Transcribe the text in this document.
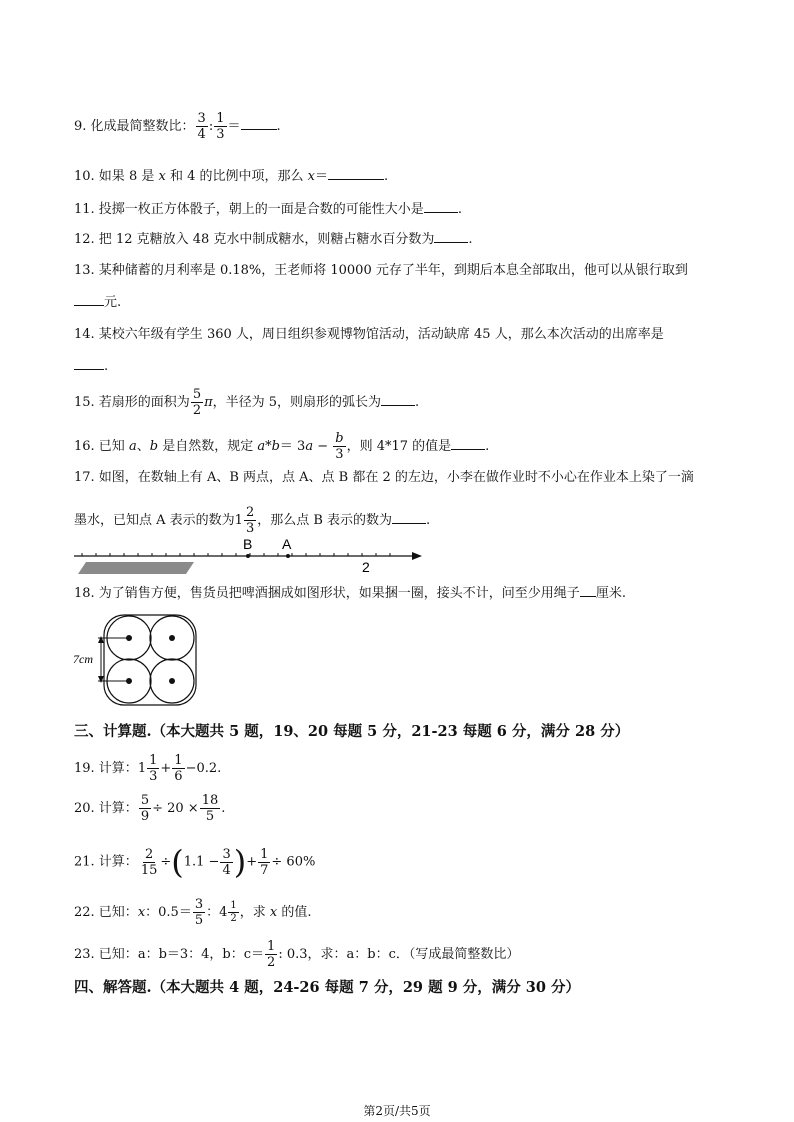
9. 化成最简整数比： $\frac{3}{4}$ : $\frac{1}{3}$ ＝	.
10. 如果 8 是 x 和 4 的比例中项，那么 x＝	.
11. 投掷一枚正方体骰子，朝上的一面是合数的可能性大小是	.
12. 把 12 克糖放入 48 克水中制成糖水，则糖占糖水百分数为	.
13. 某种储蓄的月利率是 0.18%，王老师将 10000 元存了半年，到期后本息全部取出，他可以从银行取到
元.
14. 某校六年级有学生 360 人，周日组织参观博物馆活动，活动缺席 45 人，那么本次活动的出席率是
.
15. 若扇形的面积为 $\frac{5}{2}$ π，半径为 5，则扇形的弧长为	.
16. 已知 a、b 是自然数，规定 $a*b= 3a - \frac{b}{3}$ ，则 4*17 的值是	.
17. 如图，在数轴上有 A、B 两点，点 A、点 B 都在 2 的左边，小李在做作业时不小心在作业本上染了一滴
墨水，已知点 A 表示的数为$1 \frac{2}{3}$ ，那么点 B 表示的数为	.
B A
2
18. 为了销售方便，售货员把啤酒捆成如图形状，如果捆一圈，接头不计，问至少用绳子 厘米.
7cm
三、计算题.（本大题共 5 题，19、20 每题 5 分，21-23 每题 6 分，满分 28 分）
19. 计算：$1 \frac{1}{3} + \frac{1}{6} -0.2$.
20. 计算： $\frac{5}{9} \div 20 \times \frac{18}{5}$ .
21. 计算： $\frac{2}{15} \div(1.1 - \frac{3}{4}$ )+ $\frac{1}{7} \div 60\%$
22. 已知：x：$0.5= \frac{3}{5}$ ：$4 \frac{1}{2}$ ，求 x 的值.
23. 已知：a：b＝3：4，b：$c= \frac{1}{2}$ : 0.3，求：a：b：c．（写成最简整数比）
四、解答题.（本大题共 4 题，24-26 每题 7 分，29 题 9 分，满分 30 分）
第2页/共5页
